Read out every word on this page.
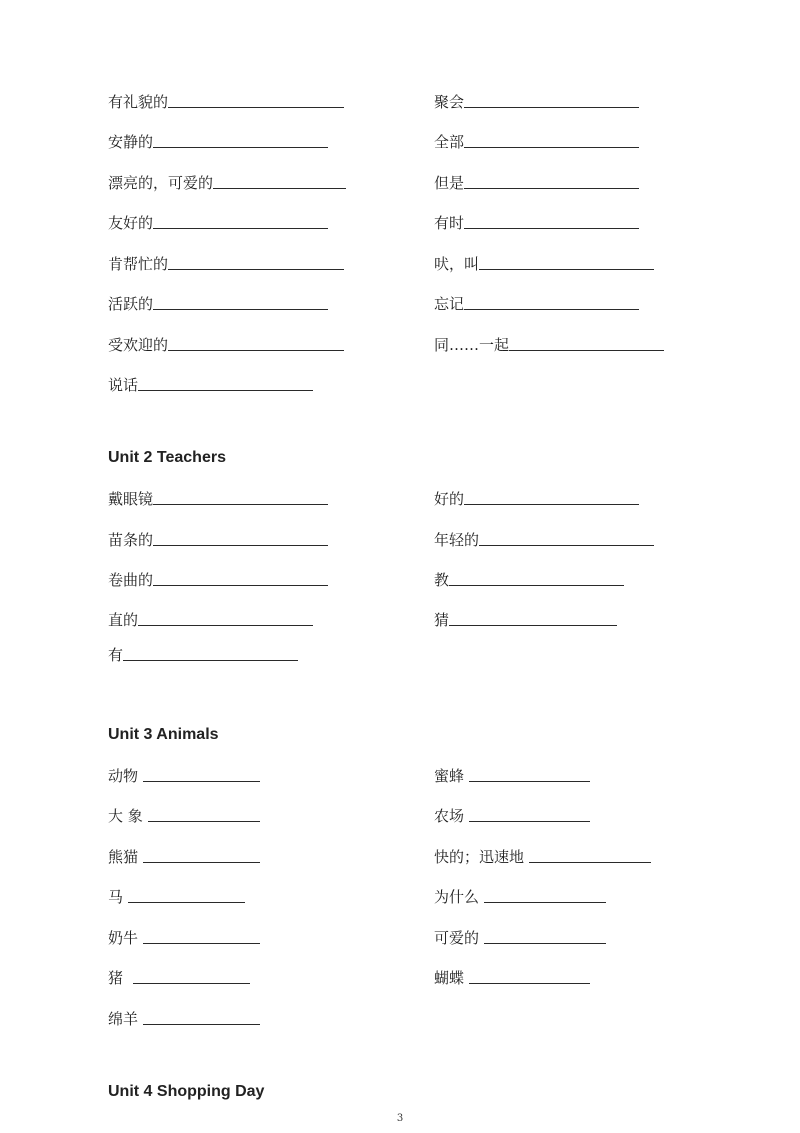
有礼貌的
安静的
漂亮的，可爱的
友好的
肯帮忙的
活跃的
受欢迎的
说话
聚会
全部
但是
有时
吠，叫
忘记
同……一起
Unit 2 Teachers
戴眼镜
苗条的
卷曲的
直的
有
好的
年轻的
教
猜
Unit 3 Animals
动物
大 象
熊猫
马
奶牛
猪
绵羊
蜜蜂
农场
快的；迅速地
为什么
可爱的
蝴蝶
Unit 4 Shopping Day
3
